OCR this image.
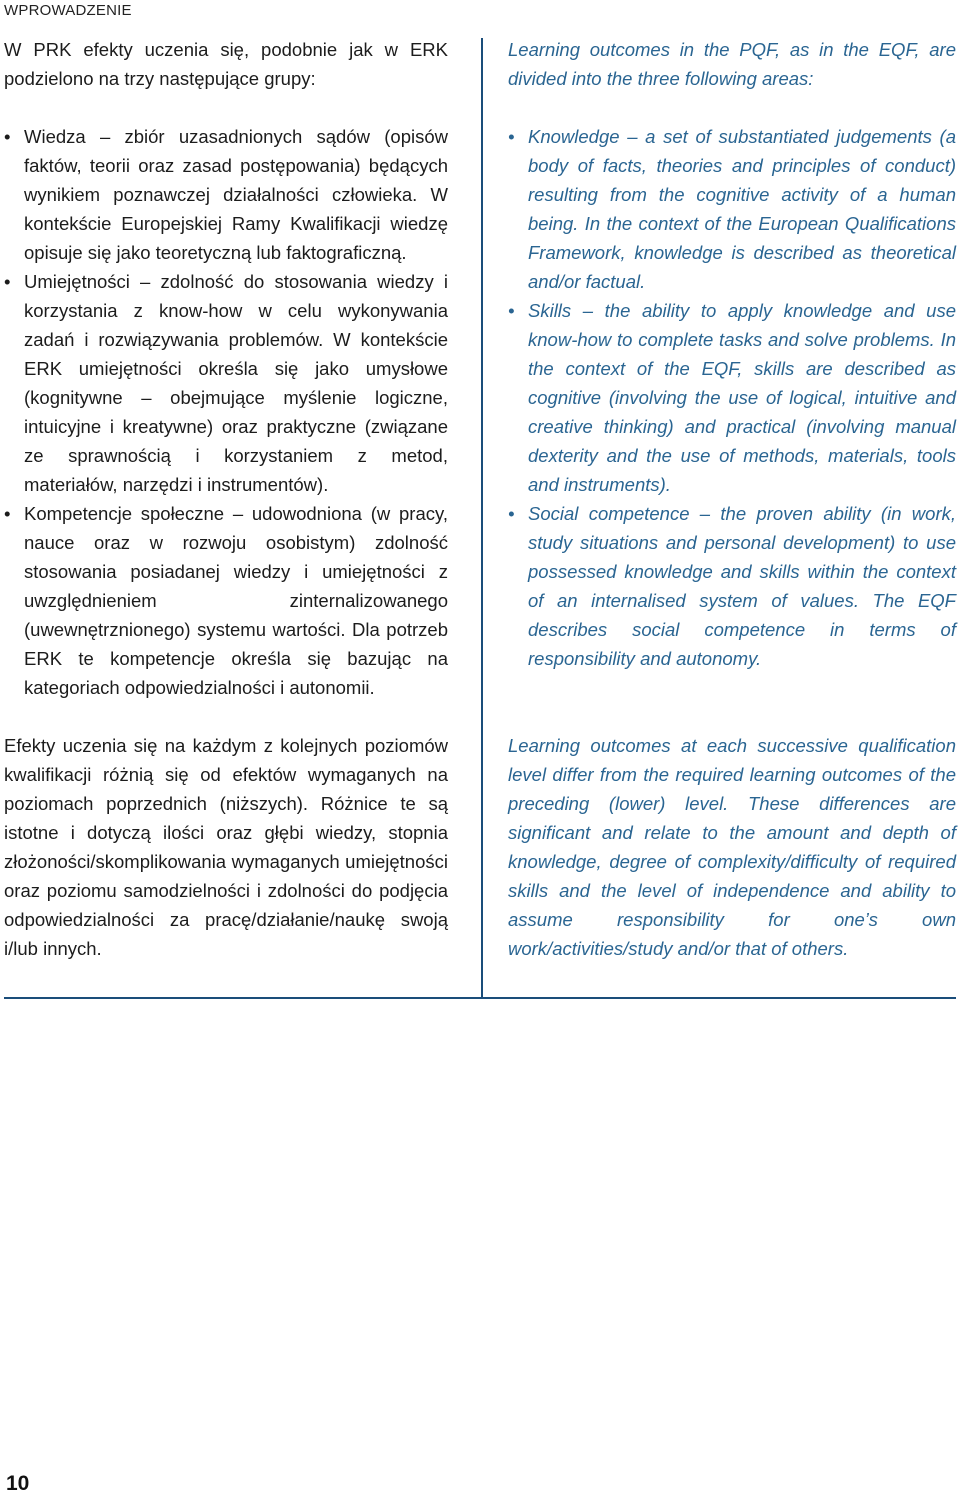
WPROWADZENIE

W PRK efekty uczenia się, podobnie jak w ERK podzielono na trzy następujące grupy:

• Wiedza – zbiór uzasadnionych sądów (opisów faktów, teorii oraz zasad postępowania) będących wynikiem poznawczej działalności człowieka. W kontekście Europejskiej Ramy Kwalifikacji wiedzę opisuje się jako teoretyczną lub faktograficzną.
• Umiejętności – zdolność do stosowania wiedzy i korzystania z know-how w celu wykonywania zadań i rozwiązywania problemów. W kontekście ERK umiejętności określa się jako umysłowe (kognitywne – obejmujące myślenie logiczne, intuicyjne i kreatywne) oraz praktyczne (związane ze sprawnością i korzystaniem z metod, materiałów, narzędzi i instrumentów).
• Kompetencje społeczne – udowodniona (w pracy, nauce oraz w rozwoju osobistym) zdolność stosowania posiadanej wiedzy i umiejętności z uwzględnieniem zinternalizowanego (uwewnętrznionego) systemu wartości. Dla potrzeb ERK te kompetencje określa się bazując na kategoriach odpowiedzialności i autonomii.

Efekty uczenia się na każdym z kolejnych poziomów kwalifikacji różnią się od efektów wymaganych na poziomach poprzednich (niższych). Różnice te są istotne i dotyczą ilości oraz głębi wiedzy, stopnia złożoności/skomplikowania wymaganych umiejętności oraz poziomu samodzielności i zdolności do podjęcia odpowiedzialności za pracę/działanie/naukę swoją i/lub innych.

Learning outcomes in the PQF, as in the EQF, are divided into the three following areas:

• Knowledge – a set of substantiated judgements (a body of facts, theories and principles of conduct) resulting from the cognitive activity of a human being. In the context of the European Qualifications Framework, knowledge is described as theoretical and/or factual.
• Skills – the ability to apply knowledge and use know-how to complete tasks and solve problems. In the context of the EQF, skills are described as cognitive (involving the use of logical, intuitive and creative thinking) and practical (involving manual dexterity and the use of methods, materials, tools and instruments).
• Social competence – the proven ability (in work, study situations and personal development) to use possessed knowledge and skills within the context of an internalised system of values. The EQF describes social competence in terms of responsibility and autonomy.

Learning outcomes at each successive qualification level differ from the required learning outcomes of the preceding (lower) level. These differences are significant and relate to the amount and depth of knowledge, degree of complexity/difficulty of required skills and the level of independence and ability to assume responsibility for one’s own work/activities/study and/or that of others.

10
